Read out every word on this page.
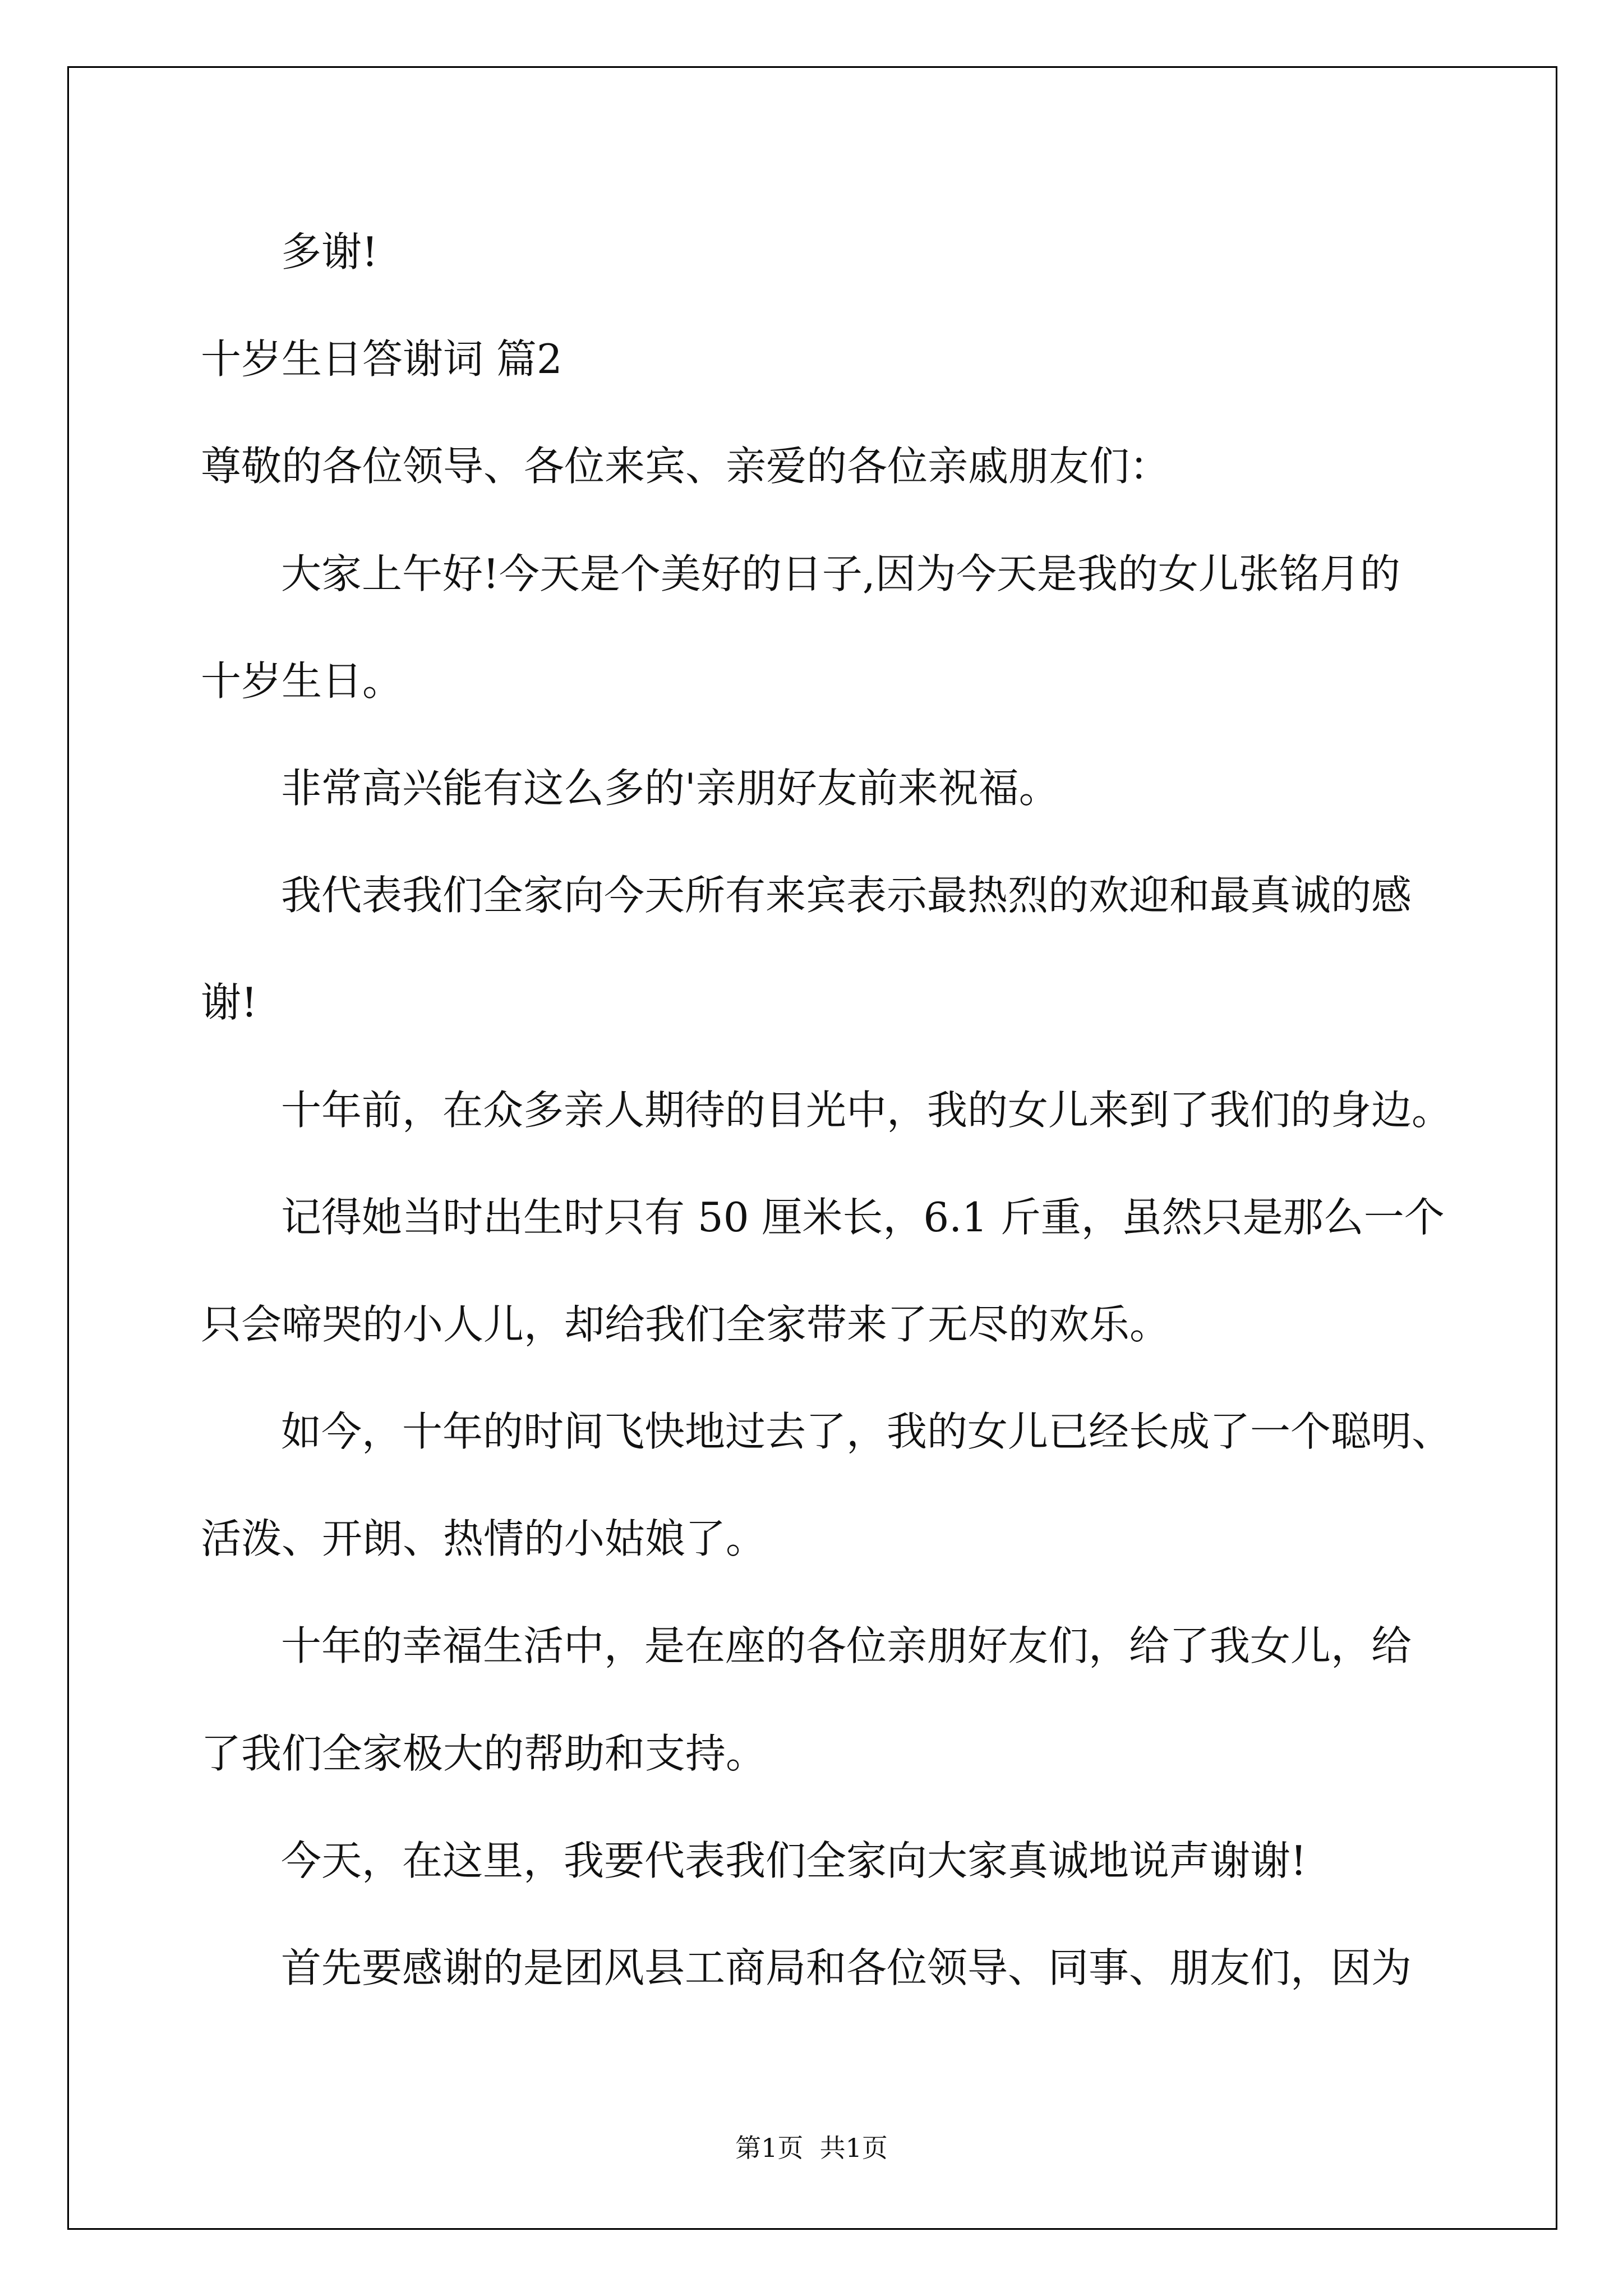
多谢!
十岁生日答谢词 篇2
尊敬的各位领导、各位来宾、亲爱的各位亲戚朋友们：
大家上午好!今天是个美好的日子,因为今天是我的女儿张铭月的
十岁生日。
非常高兴能有这么多的'亲朋好友前来祝福。
我代表我们全家向今天所有来宾表示最热烈的欢迎和最真诚的感
谢!
十年前，在众多亲人期待的目光中，我的女儿来到了我们的身边。
记得她当时出生时只有 50 厘米长，6.1 斤重，虽然只是那么一个
只会啼哭的小人儿，却给我们全家带来了无尽的欢乐。
如今，十年的时间飞快地过去了，我的女儿已经长成了一个聪明、
活泼、开朗、热情的小姑娘了。
十年的幸福生活中，是在座的各位亲朋好友们，给了我女儿，给
了我们全家极大的帮助和支持。
今天，在这里，我要代表我们全家向大家真诚地说声谢谢!
首先要感谢的是团风县工商局和各位领导、同事、朋友们，因为
第1页  共1页
